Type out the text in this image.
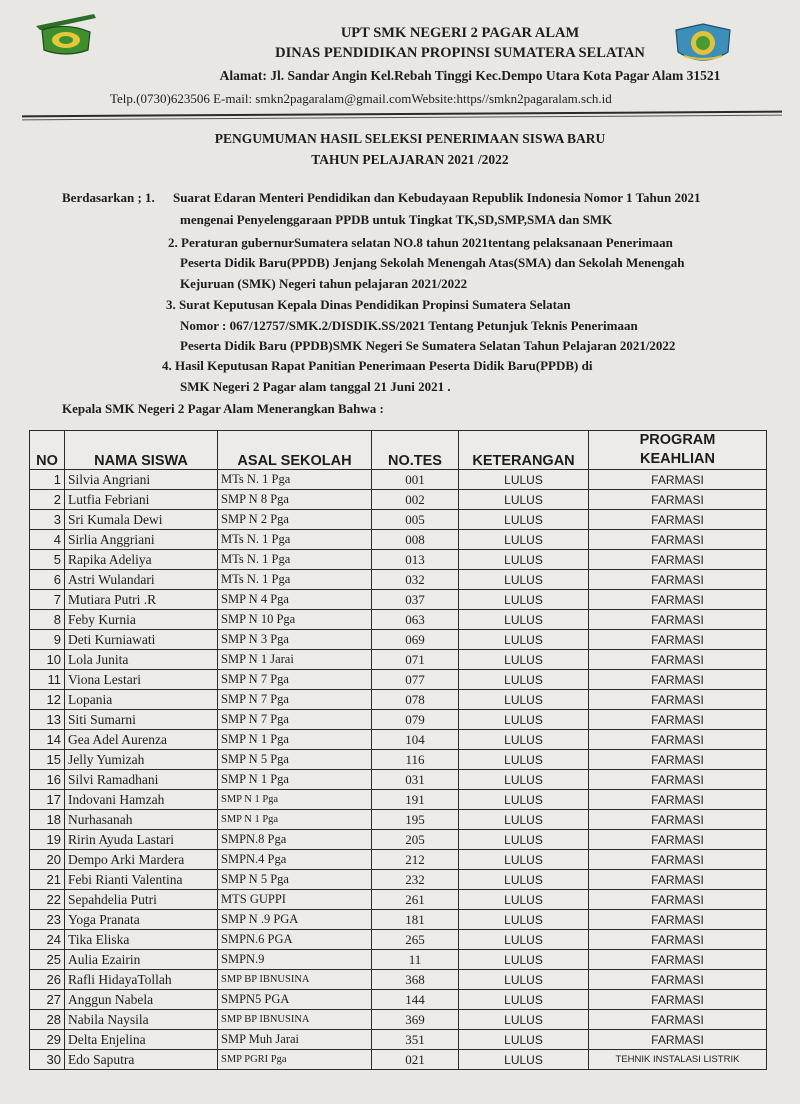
UPT SMK NEGERI 2 PAGAR ALAM
DINAS PENDIDIKAN PROPINSI SUMATERA SELATAN
Alamat: Jl. Sandar Angin Kel.Rebah Tinggi Kec.Dempo Utara Kota Pagar Alam 31521
Telp.(0730)623506 E-mail: smkn2pagaralam@gmail.comWebsite:https//smkn2pagaralam.sch.id
PENGUMUMAN HASIL SELEKSI PENERIMAAN SISWA BARU
TAHUN PELAJARAN 2021 /2022
Berdasarkan ; 1. Suarat Edaran Menteri Pendidikan dan Kebudayaan Republik Indonesia Nomor 1 Tahun 2021
mengenai Penyelenggaraan PPDB untuk Tingkat TK,SD,SMP,SMA dan SMK
2. Peraturan gubernurSumatera selatan NO.8 tahun 2021tentang pelaksanaan Penerimaan
Peserta Didik Baru(PPDB) Jenjang Sekolah Menengah Atas(SMA) dan Sekolah Menengah
Kejuruan (SMK) Negeri tahun pelajaran 2021/2022
3. Surat Keputusan Kepala Dinas Pendidikan Propinsi Sumatera Selatan
Nomor : 067/12757/SMK.2/DISDIK.SS/2021 Tentang Petunjuk Teknis Penerimaan
Peserta Didik Baru (PPDB)SMK Negeri Se Sumatera Selatan Tahun Pelajaran 2021/2022
4. Hasil Keputusan Rapat Panitian Penerimaan Peserta Didik Baru(PPDB) di
SMK Negeri 2 Pagar alam tanggal 21 Juni 2021 .
Kepala SMK Negeri 2 Pagar Alam Menerangkan Bahwa :
NO	NAMA SISWA	ASAL SEKOLAH	NO.TES	KETERANGAN	PROGRAM
KEAHLIAN

1	Silvia Angriani	MTs N. 1 Pga	001	LULUS	FARMASI
2	Lutfia Febriani	SMP N 8 Pga	002	LULUS	FARMASI
3	Sri Kumala Dewi	SMP N 2 Pga	005	LULUS	FARMASI
4	Sirlia Anggriani	MTs N. 1 Pga	008	LULUS	FARMASI
5	Rapika Adeliya	MTs N. 1 Pga	013	LULUS	FARMASI
6	Astri Wulandari	MTs N. 1 Pga	032	LULUS	FARMASI
7	Mutiara Putri .R	SMP N 4 Pga	037	LULUS	FARMASI
8	Feby Kurnia	SMP N 10 Pga	063	LULUS	FARMASI
9	Deti Kurniawati	SMP N 3 Pga	069	LULUS	FARMASI
10	Lola Junita	SMP N 1 Jarai	071	LULUS	FARMASI
11	Viona Lestari	SMP N 7 Pga	077	LULUS	FARMASI
12	Lopania	SMP N 7 Pga	078	LULUS	FARMASI
13	Siti Sumarni	SMP N 7 Pga	079	LULUS	FARMASI
14	Gea Adel Aurenza	SMP N 1 Pga	104	LULUS	FARMASI
15	Jelly Yumizah	SMP N 5 Pga	116	LULUS	FARMASI
16	Silvi Ramadhani	SMP N 1 Pga	031	LULUS	FARMASI
17	Indovani Hamzah	SMP N 1 Pga	191	LULUS	FARMASI
18	Nurhasanah	SMP N 1 Pga	195	LULUS	FARMASI
19	Ririn Ayuda Lastari	SMPN.8 Pga	205	LULUS	FARMASI
20	Dempo Arki Mardera	SMPN.4 Pga	212	LULUS	FARMASI
21	Febi Rianti Valentina	SMP N 5 Pga	232	LULUS	FARMASI
22	Sepahdelia Putri	MTS GUPPI	261	LULUS	FARMASI
23	Yoga Pranata	SMP N .9 PGA	181	LULUS	FARMASI
24	Tika Eliska	SMPN.6 PGA	265	LULUS	FARMASI
25	Aulia Ezairin	SMPN.9	11	LULUS	FARMASI
26	Rafli HidayaTollah	SMP BP IBNUSINA	368	LULUS	FARMASI
27	Anggun Nabela	SMPN5 PGA	144	LULUS	FARMASI
28	Nabila Naysila	SMP BP IBNUSINA	369	LULUS	FARMASI
29	Delta Enjelina	SMP Muh Jarai	351	LULUS	FARMASI
30	Edo Saputra	SMP PGRI Pga	021	LULUS	TEHNIK INSTALASI LISTRIK
